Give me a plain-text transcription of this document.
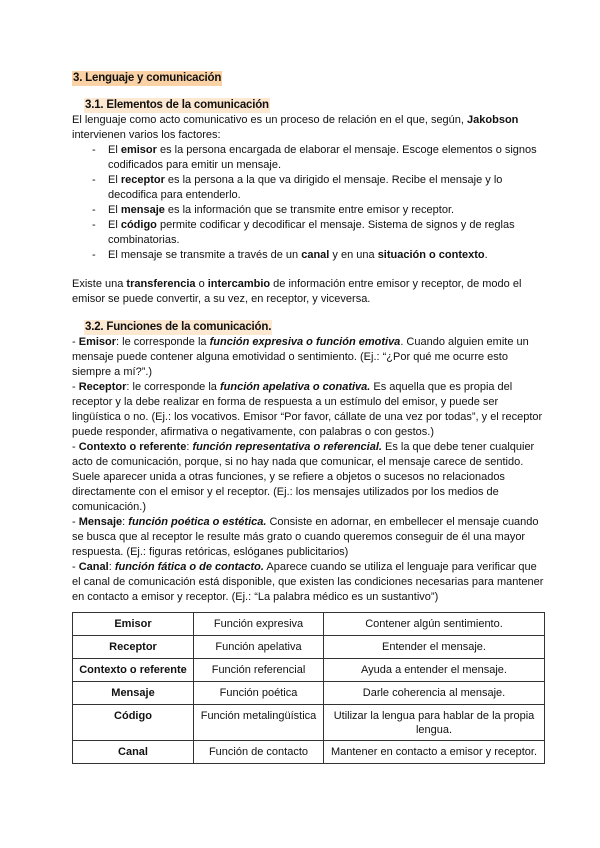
3. Lenguaje y comunicación
3.1. Elementos de la comunicación

El lenguaje como acto comunicativo es un proceso de relación en el que, según, Jakobson intervienen varios los factores:

- El emisor es la persona encargada de elaborar el mensaje. Escoge elementos o signos codificados para emitir un mensaje.
- El receptor es la persona a la que va dirigido el mensaje. Recibe el mensaje y lo decodifica para entenderlo.
- El mensaje es la información que se transmite entre emisor y receptor.
- El código permite codificar y decodificar el mensaje. Sistema de signos y de reglas combinatorias.
- El mensaje se transmite a través de un canal y en una situación o contexto.

Existe una transferencia o intercambio de información entre emisor y receptor, de modo el emisor se puede convertir, a su vez, en receptor, y viceversa.

3.2. Funciones de la comunicación.

- Emisor: le corresponde la función expresiva o función emotiva. Cuando alguien emite un mensaje puede contener alguna emotividad o sentimiento. (Ej.: “¿Por qué me ocurre esto siempre a mí?”.)

- Receptor: le corresponde la función apelativa o conativa. Es aquella que es propia del receptor y la debe realizar en forma de respuesta a un estímulo del emisor, y puede ser lingüística o no. (Ej.: los vocativos. Emisor “Por favor, cállate de una vez por todas”, y el receptor puede responder, afirmativa o negativamente, con palabras o con gestos.)

- Contexto o referente: función representativa o referencial. Es la que debe tener cualquier acto de comunicación, porque, si no hay nada que comunicar, el mensaje carece de sentido. Suele aparecer unida a otras funciones, y se refiere a objetos o sucesos no relacionados directamente con el emisor y el receptor. (Ej.: los mensajes utilizados por los medios de comunicación.)

- Mensaje: función poética o estética. Consiste en adornar, en embellecer el mensaje cuando se busca que al receptor le resulte más grato o cuando queremos conseguir de él una mayor respuesta. (Ej.: figuras retóricas, eslóganes publicitarios)

- Canal: función fática o de contacto. Aparece cuando se utiliza el lenguaje para verificar que el canal de comunicación está disponible, que existen las condiciones necesarias para mantener en contacto a emisor y receptor. (Ej.: “La palabra médico es un sustantivo”)

Emisor	Función expresiva	Contener algún sentimiento.
Receptor	Función apelativa	Entender el mensaje.
Contexto o referente	Función referencial	Ayuda a entender el mensaje.
Mensaje	Función poética	Darle coherencia al mensaje.
Código	Función metalingüística	Utilizar la lengua para hablar de la propia lengua.
Canal	Función de contacto	Mantener en contacto a emisor y receptor.
